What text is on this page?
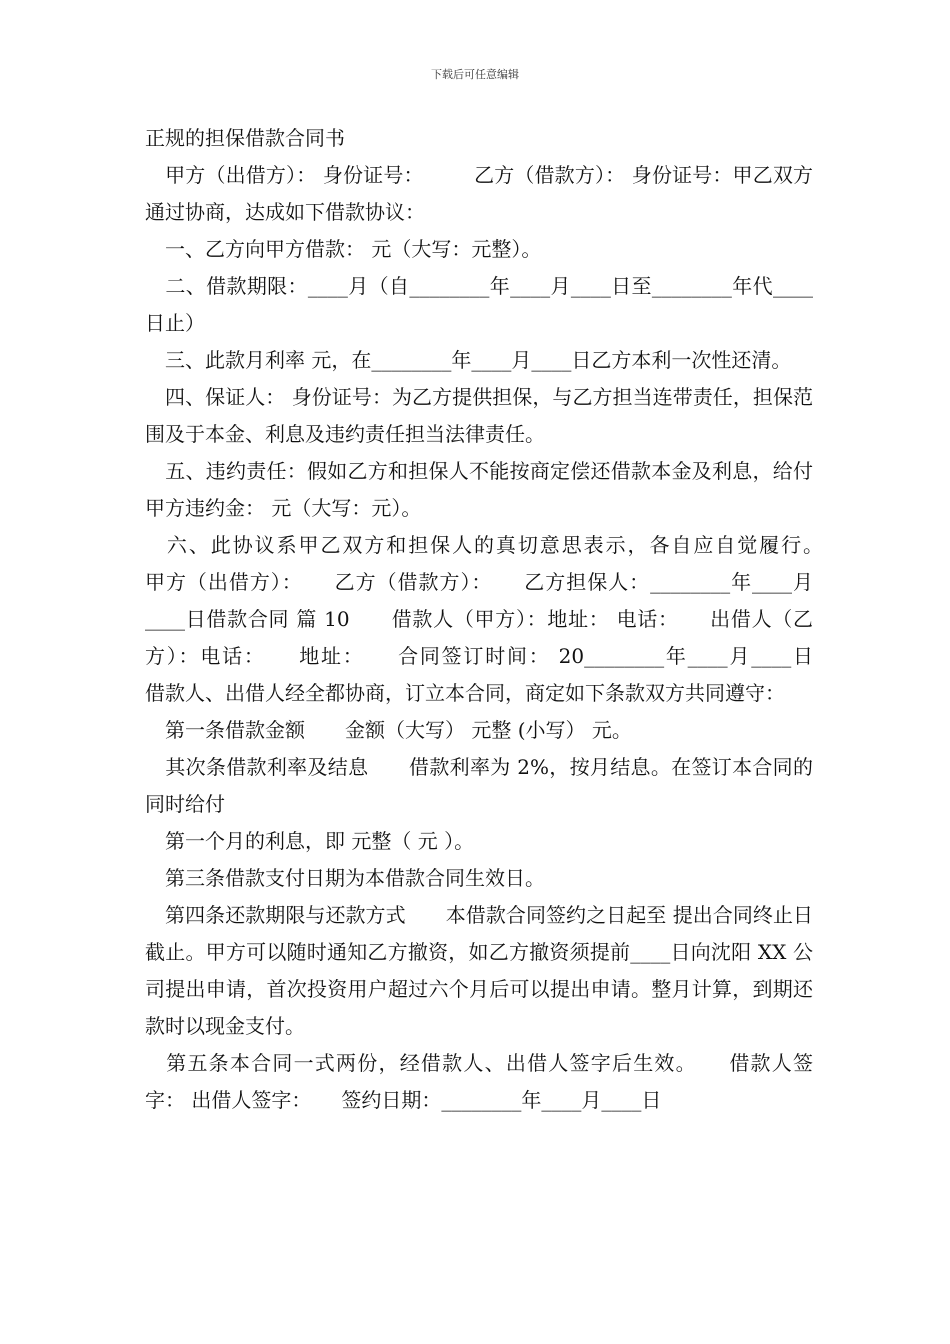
下载后可任意编辑

正规的担保借款合同书

　甲方（出借方）： 身份证号：　　　乙方（借款方）： 身份证号：甲乙双方通过协商，达成如下借款协议：

　一、乙方向甲方借款： 元（大写：元整）。

　二、借款期限：____月（自________年____月____日至________年代____日止）

　三、此款月利率 元，在________年____月____日乙方本利一次性还清。

　四、保证人： 身份证号：为乙方提供担保，与乙方担当连带责任，担保范围及于本金、利息及违约责任担当法律责任。

　五、违约责任：假如乙方和担保人不能按商定偿还借款本金及利息，给付甲方违约金： 元（大写：元）。

　六、此协议系甲乙双方和担保人的真切意思表示，各自应自觉履行。　　甲方（出借方）：　　乙方（借款方）：　　乙方担保人：________年____月____日借款合同 篇 10　　借款人（甲方）：地址： 电话：　　出借人（乙方）：电话：　　地址：　　合同签订时间： 20________年____月____日　　借款人、出借人经全都协商，订立本合同，商定如下条款双方共同遵守：

　第一条借款金额　　金额（大写） 元整 (小写） 元。

　其次条借款利率及结息　　借款利率为 2%，按月结息。在签订本合同的同时给付

　第一个月的利息，即 元整（ 元 ）。

　第三条借款支付日期为本借款合同生效日。

　第四条还款期限与还款方式　　本借款合同签约之日起至 提出合同终止日截止。甲方可以随时通知乙方撤资，如乙方撤资须提前____日向沈阳 XX 公司提出申请，首次投资用户超过六个月后可以提出申请。整月计算，到期还款时以现金支付。

　第五条本合同一式两份，经借款人、出借人签字后生效。　　借款人签字： 出借人签字：　　签约日期：________年____月____日
